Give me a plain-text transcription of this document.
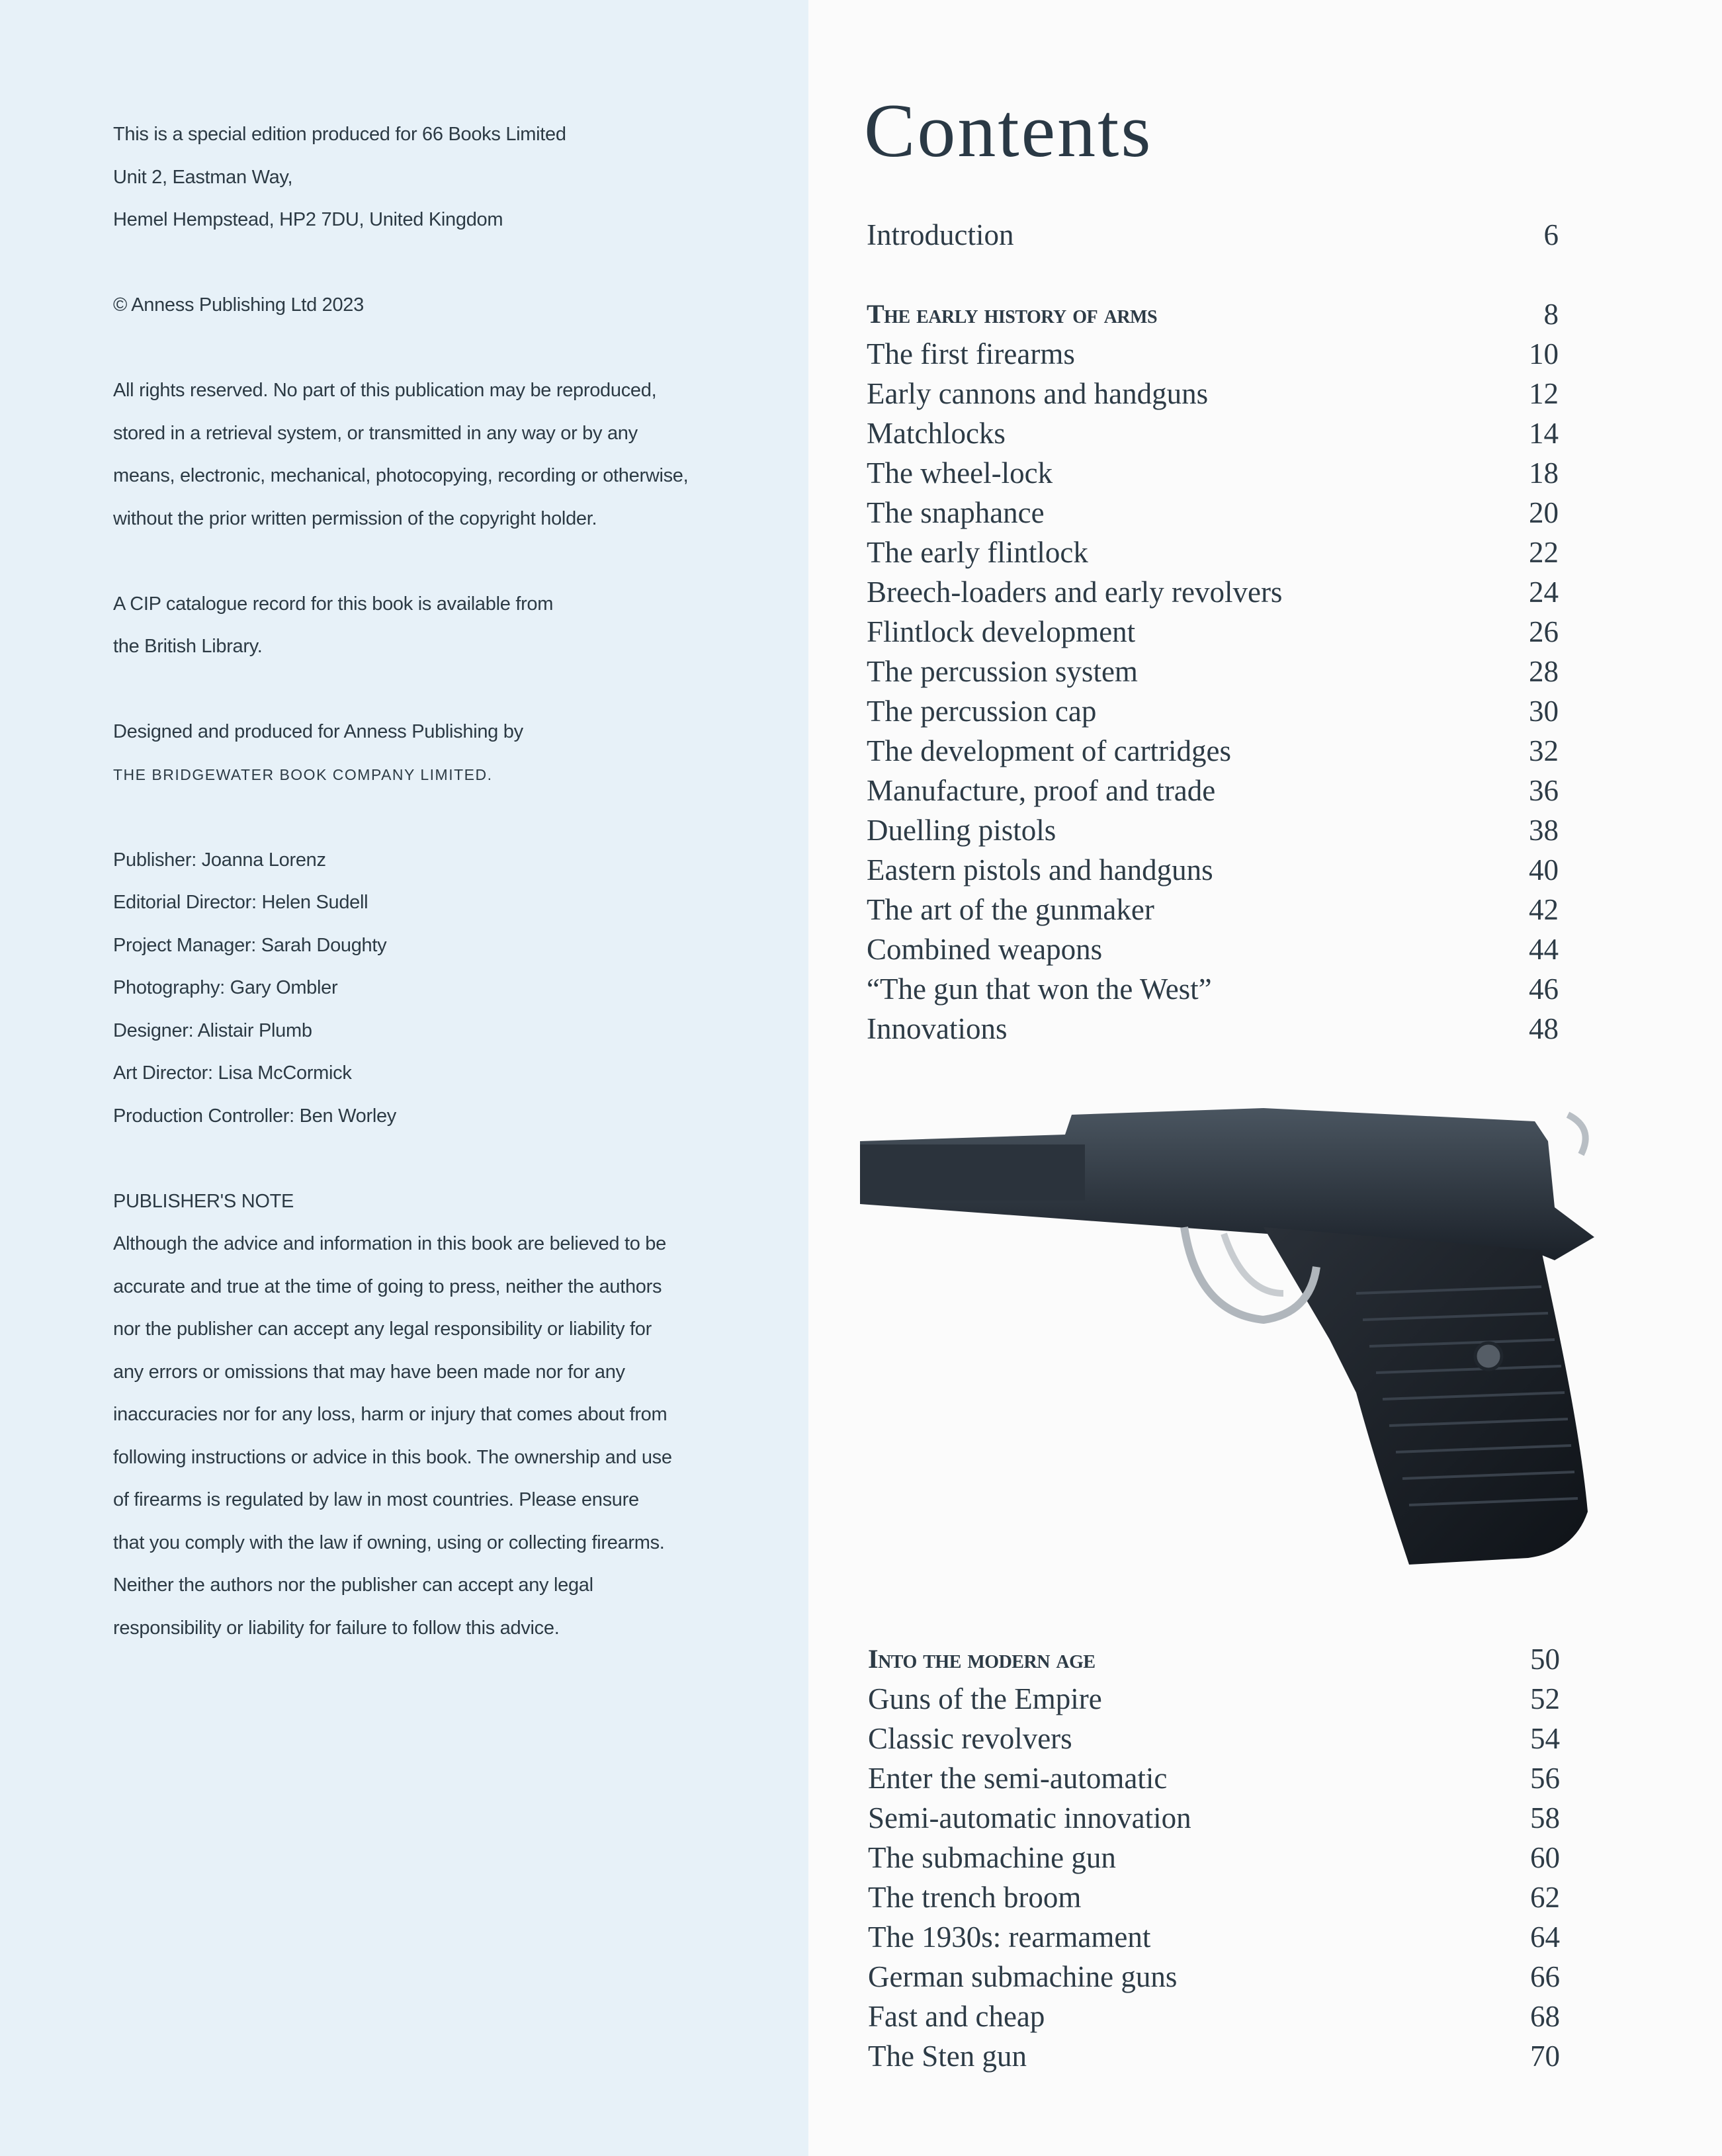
This is a special edition produced for 66 Books Limited
Unit 2, Eastman Way,
Hemel Hempstead, HP2 7DU, United Kingdom
© Anness Publishing Ltd 2023
All rights reserved. No part of this publication may be reproduced,
stored in a retrieval system, or transmitted in any way or by any
means, electronic, mechanical, photocopying, recording or otherwise,
without the prior written permission of the copyright holder.
A CIP catalogue record for this book is available from
the British Library.
Designed and produced for Anness Publishing by
THE BRIDGEWATER BOOK COMPANY LIMITED.
Publisher: Joanna Lorenz
Editorial Director: Helen Sudell
Project Manager: Sarah Doughty
Photography: Gary Ombler
Designer: Alistair Plumb
Art Director: Lisa McCormick
Production Controller: Ben Worley
PUBLISHER'S NOTE
Although the advice and information in this book are believed to be
accurate and true at the time of going to press, neither the authors
nor the publisher can accept any legal responsibility or liability for
any errors or omissions that may have been made nor for any
inaccuracies nor for any loss, harm or injury that comes about from
following instructions or advice in this book. The ownership and use
of firearms is regulated by law in most countries. Please ensure
that you comply with the law if owning, using or collecting firearms.
Neither the authors nor the publisher can accept any legal
responsibility or liability for failure to follow this advice.
Contents
Introduction	6
The early history of arms	8
The first firearms	10
Early cannons and handguns	12
Matchlocks	14
The wheel-lock	18
The snaphance	20
The early flintlock	22
Breech-loaders and early revolvers	24
Flintlock development	26
The percussion system	28
The percussion cap	30
The development of cartridges	32
Manufacture, proof and trade	36
Duelling pistols	38
Eastern pistols and handguns	40
The art of the gunmaker	42
Combined weapons	44
“The gun that won the West”	46
Innovations	48
Into the modern age	50
Guns of the Empire	52
Classic revolvers	54
Enter the semi-automatic	56
Semi-automatic innovation	58
The submachine gun	60
The trench broom	62
The 1930s: rearmament	64
German submachine guns	66
Fast and cheap	68
The Sten gun	70
